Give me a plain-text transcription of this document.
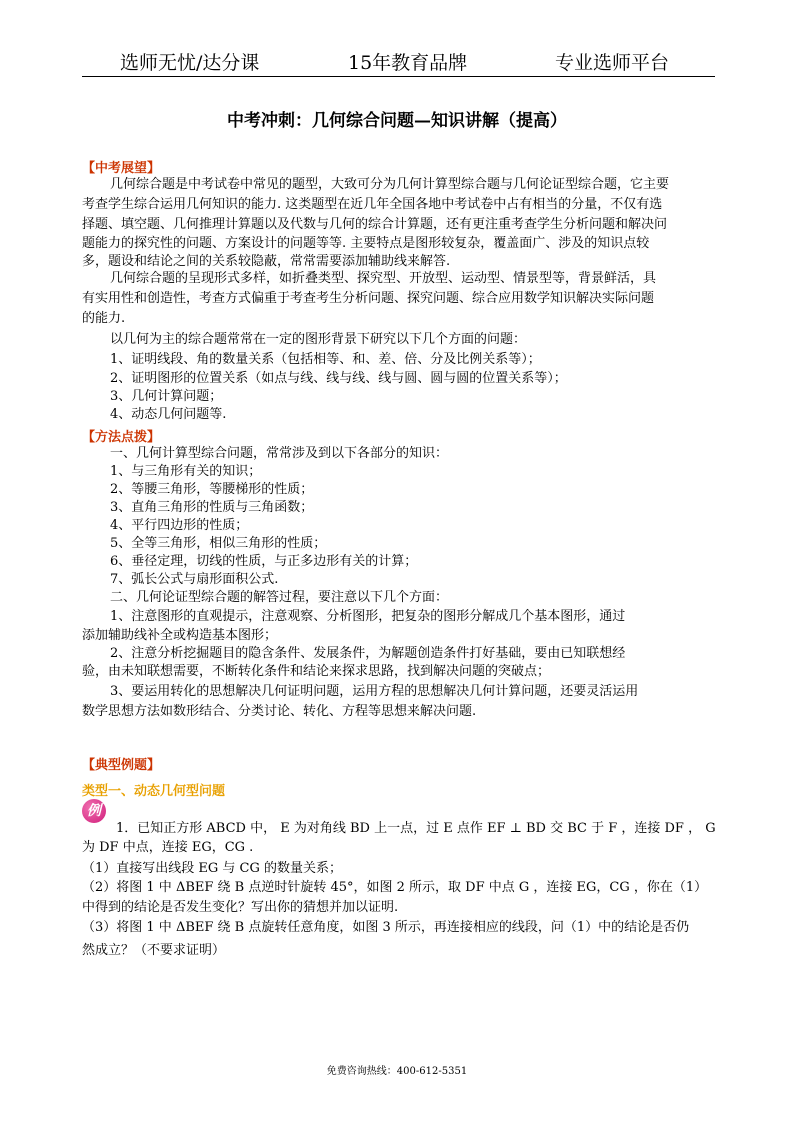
选师无忧/达分课	15年教育品牌	专业选师平台
中考冲刺：几何综合问题—知识讲解（提高）
【中考展望】
几何综合题是中考试卷中常见的题型，大致可分为几何计算型综合题与几何论证型综合题，它主要
考查学生综合运用几何知识的能力. 这类题型在近几年全国各地中考试卷中占有相当的分量，不仅有选
择题、填空题、几何推理计算题以及代数与几何的综合计算题，还有更注重考查学生分析问题和解决问
题能力的探究性的问题、方案设计的问题等等. 主要特点是图形较复杂，覆盖面广、涉及的知识点较
多，题设和结论之间的关系较隐蔽，常常需要添加辅助线来解答.
几何综合题的呈现形式多样，如折叠类型、探究型、开放型、运动型、情景型等，背景鲜活，具
有实用性和创造性，考查方式偏重于考查考生分析问题、探究问题、综合应用数学知识解决实际问题
的能力.
以几何为主的综合题常常在一定的图形背景下研究以下几个方面的问题：
1、证明线段、角的数量关系（包括相等、和、差、倍、分及比例关系等）；
2、证明图形的位置关系（如点与线、线与线、线与圆、圆与圆的位置关系等）；
3、几何计算问题；
4、动态几何问题等.
【方法点拨】
一、几何计算型综合问题，常常涉及到以下各部分的知识：
1、与三角形有关的知识；
2、等腰三角形，等腰梯形的性质；
3、直角三角形的性质与三角函数；
4、平行四边形的性质；
5、全等三角形，相似三角形的性质；
6、垂径定理，切线的性质，与正多边形有关的计算；
7、弧长公式与扇形面积公式.
二、几何论证型综合题的解答过程，要注意以下几个方面：
1、注意图形的直观提示，注意观察、分析图形，把复杂的图形分解成几个基本图形，通过
添加辅助线补全或构造基本图形；
2、注意分析挖掘题目的隐含条件、发展条件，为解题创造条件打好基础，要由已知联想经
验，由未知联想需要，不断转化条件和结论来探求思路，找到解决问题的突破点；
3、要运用转化的思想解决几何证明问题，运用方程的思想解决几何计算问题，还要灵活运用
数学思想方法如数形结合、分类讨论、转化、方程等思想来解决问题.
【典型例题】
类型一、动态几何型问题
例
1．已知正方形 ABCD 中， E 为对角线 BD 上一点，过 E 点作 EF ⊥ BD 交 BC 于 F ，连接 DF ， G
为 DF 中点，连接 EG，CG .
（1）直接写出线段 EG 与 CG 的数量关系；
（2）将图 1 中 ΔBEF 绕 B 点逆时针旋转 45°，如图 2 所示，取 DF 中点 G ，连接 EG，CG ，你在（1）
中得到的结论是否发生变化？写出你的猜想并加以证明.
（3）将图 1 中 ΔBEF 绕 B 点旋转任意角度，如图 3 所示，再连接相应的线段，问（1）中的结论是否仍
然成立？（不要求证明）
免费咨询热线：400-612-5351
